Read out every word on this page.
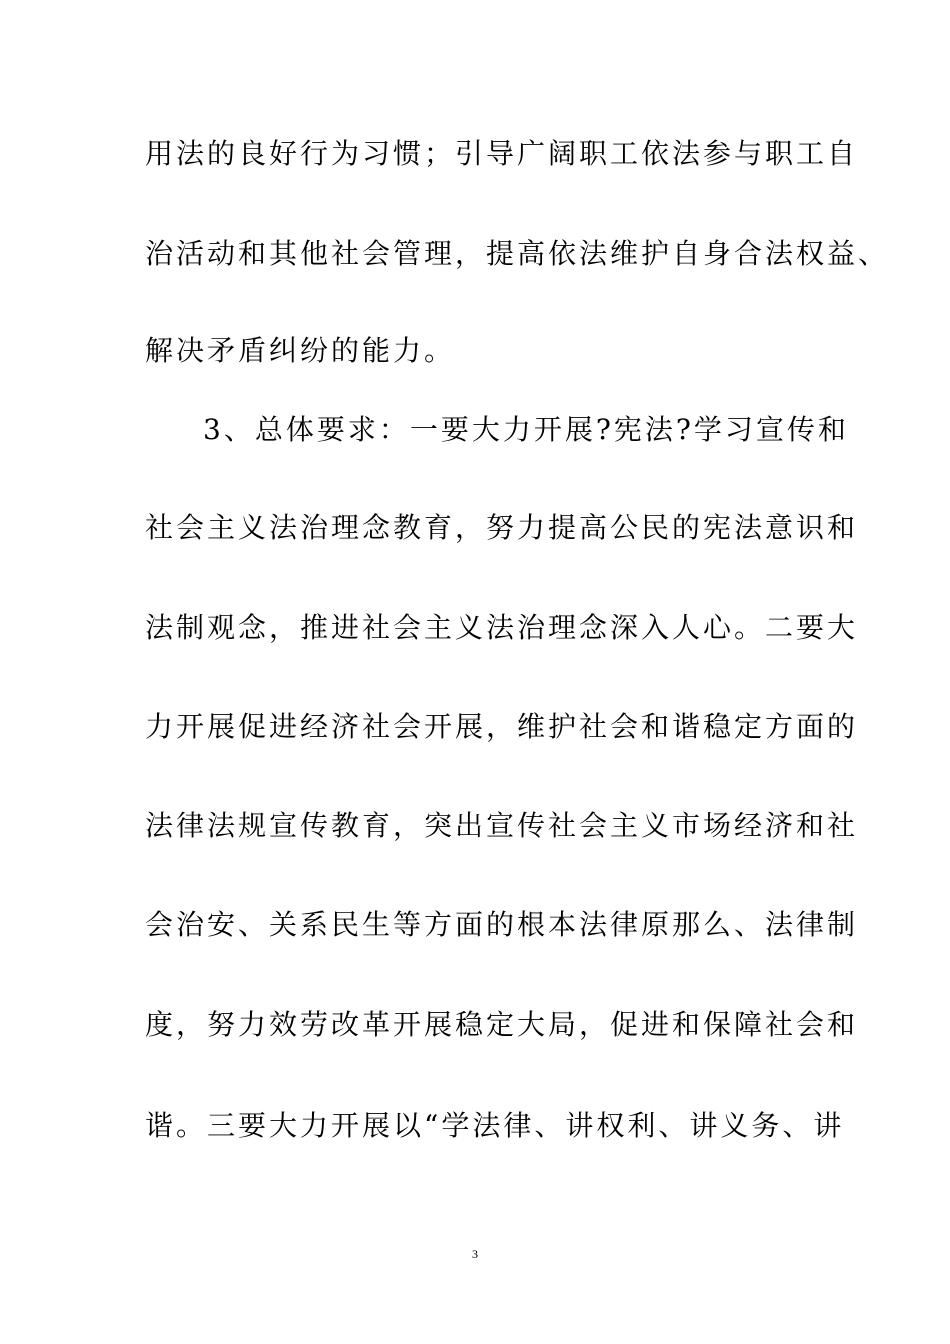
用法的良好行为习惯；引导广阔职工依法参与职工自
治活动和其他社会管理，提高依法维护自身合法权益、
解决矛盾纠纷的能力。
3、总体要求：一要大力开展?宪法?学习宣传和
社会主义法治理念教育，努力提高公民的宪法意识和
法制观念，推进社会主义法治理念深入人心。二要大
力开展促进经济社会开展，维护社会和谐稳定方面的
法律法规宣传教育，突出宣传社会主义市场经济和社
会治安、关系民生等方面的根本法律原那么、法律制
度，努力效劳改革开展稳定大局，促进和保障社会和
谐。三要大力开展以“学法律、讲权利、讲义务、讲
3
